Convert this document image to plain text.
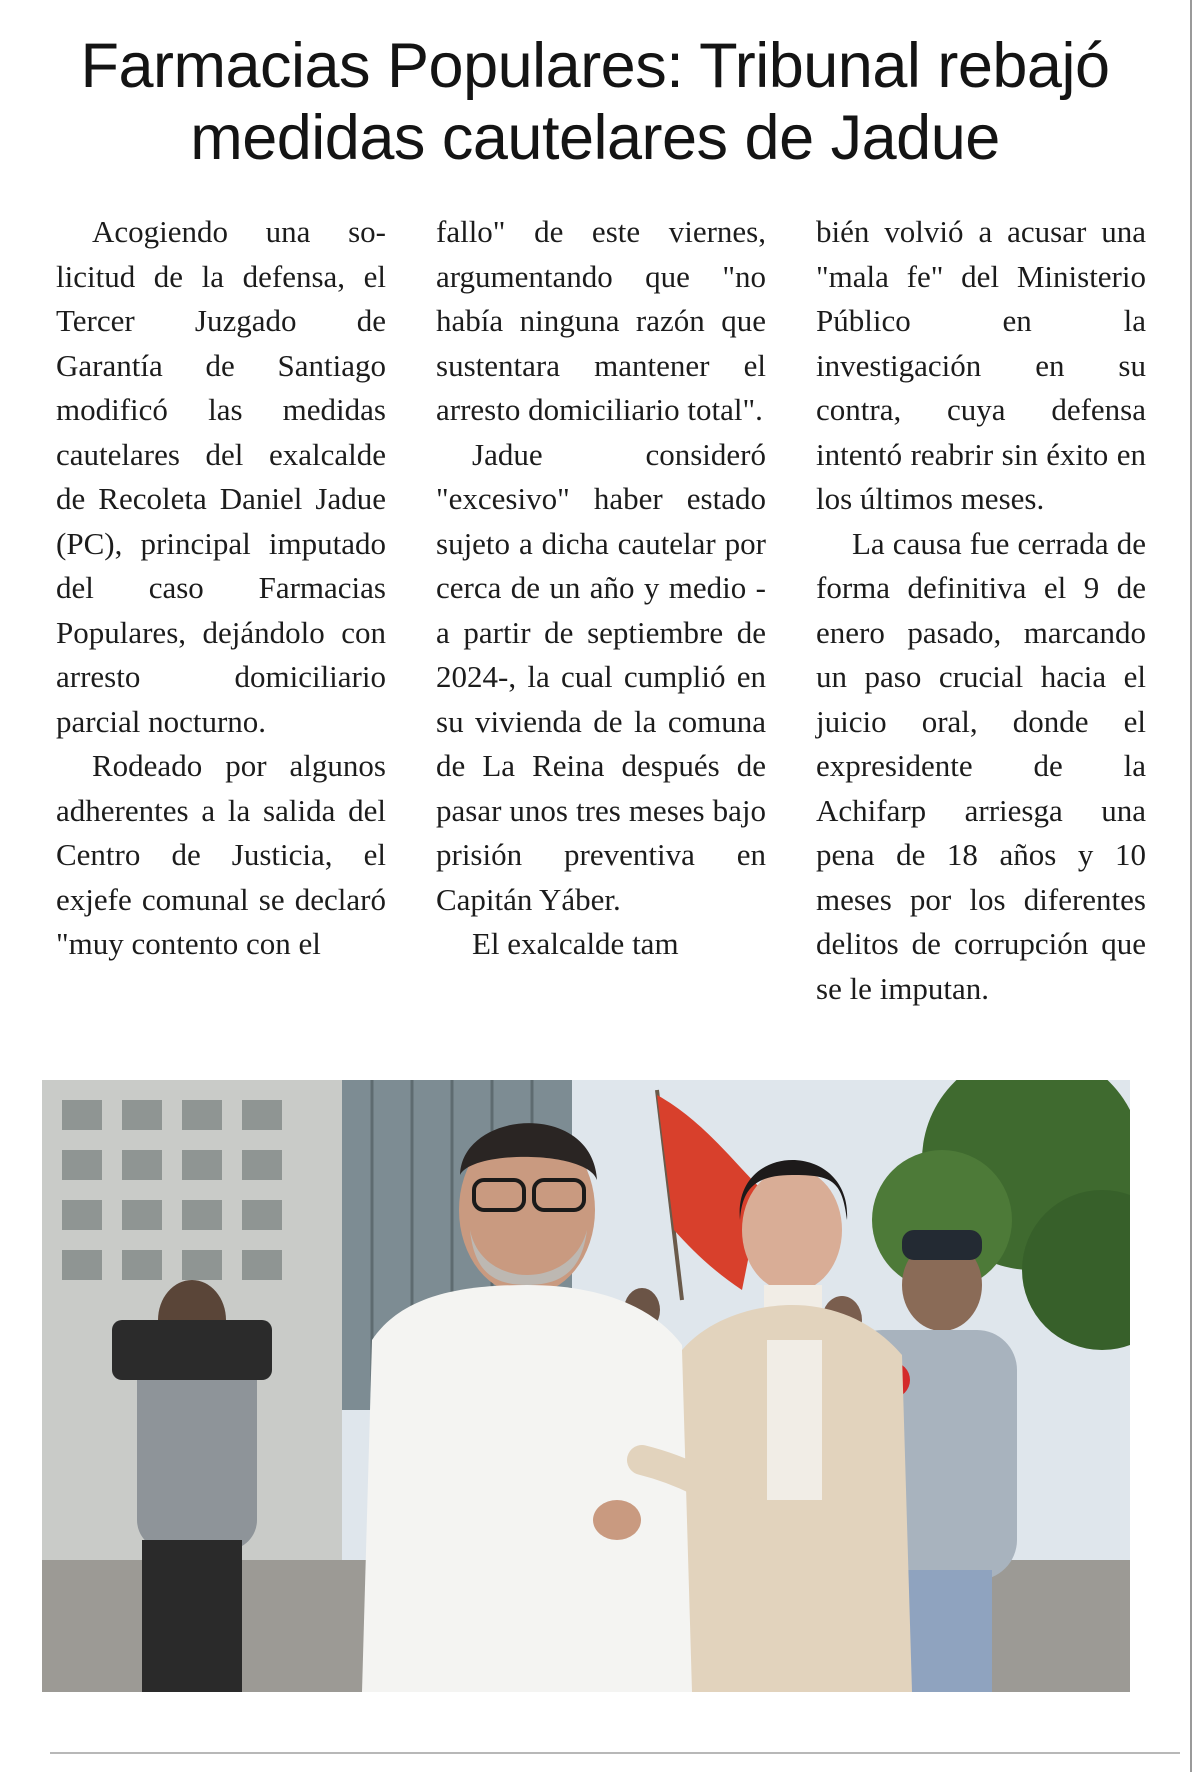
Farmacias Populares: Tribunal rebajó medidas cautelares de Jadue

Acogiendo una solicitud de la defensa, el Tercer Juzgado de Garantía de Santiago modificó las medidas cautelares del exalcalde de Recoleta Daniel Jadue (PC), principal imputado del caso Farmacias Populares, dejándolo con arresto domiciliario parcial nocturno.

Rodeado por algunos adherentes a la salida del Centro de Justicia, el exjefe comunal se declaró "muy contento con el

fallo" de este viernes, argumentando que "no había ninguna razón que sustentara mantener el arresto domiciliario total".

Jadue consideró "excesivo" haber estado sujeto a dicha cautelar por cerca de un año y medio -a partir de septiembre de 2024-, la cual cumplió en su vivienda de la comuna de La Reina después de pasar unos tres meses bajo prisión preventiva en Capitán Yáber.

El exalcalde tam

bién volvió a acusar una "mala fe" del Ministerio Público en la investigación en su contra, cuya defensa intentó reabrir sin éxito en los últimos meses.

La causa fue cerrada de forma definitiva el 9 de enero pasado, marcando un paso crucial hacia el juicio oral, donde el expresidente de la Achifarp arriesga una pena de 18 años y 10 meses por los diferentes delitos de corrupción que se le imputan.
